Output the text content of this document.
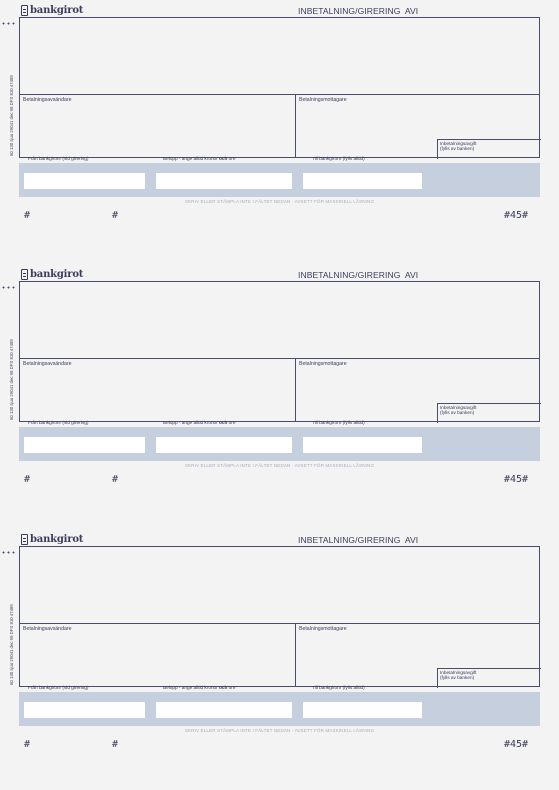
bankgirot	INBETALNING/GIRERING  AVI
Betalningsavsändare	Betalningsmottagare
Inbetalningsavgift
(fylls av banken)
60 130 sjuo 29041 dec 98 DFS 810 47489
Från bankgironr (vid girering)	Belopp - ange alltid kronor och öre	Till bankgironr (fylls alltid)
SKRIV ELLER STÄMPLA INTE I FÄLTET NEDAN - AVSETT FÖR MASKINELL LÄSNING
#	#	#45#
bankgirot	INBETALNING/GIRERING  AVI
Betalningsavsändare	Betalningsmottagare
Inbetalningsavgift
(fylls av banken)
60 130 sjuo 29041 dec 98 DFS 810 47489
Från bankgironr (vid girering)	Belopp - ange alltid kronor och öre	Till bankgironr (fylls alltid)
SKRIV ELLER STÄMPLA INTE I FÄLTET NEDAN - AVSETT FÖR MASKINELL LÄSNING
#	#	#45#
bankgirot	INBETALNING/GIRERING  AVI
Betalningsavsändare	Betalningsmottagare
Inbetalningsavgift
(fylls av banken)
60 130 sjuo 29041 dec 98 DFS 810 47489
Från bankgironr (vid girering)	Belopp - ange alltid kronor och öre	Till bankgironr (fylls alltid)
SKRIV ELLER STÄMPLA INTE I FÄLTET NEDAN - AVSETT FÖR MASKINELL LÄSNING
#	#	#45#
